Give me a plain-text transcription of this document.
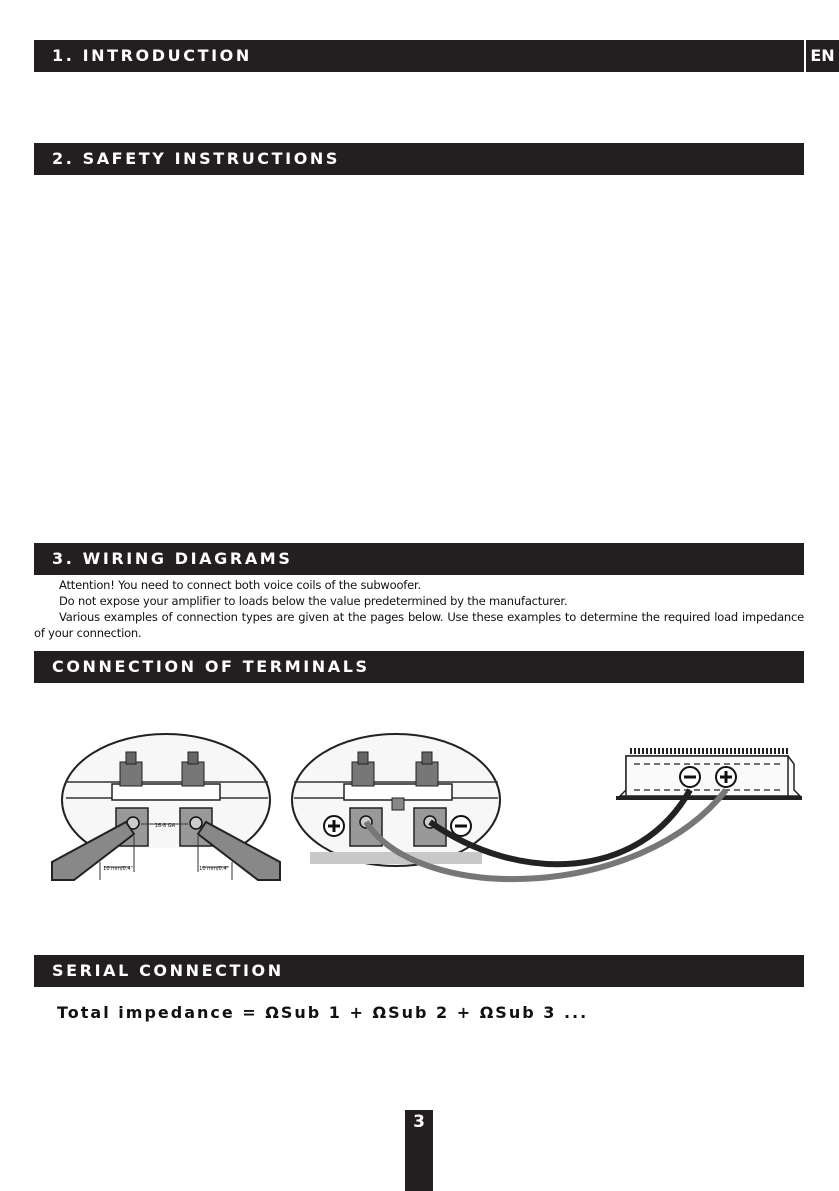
1. INTRODUCTION	EN
2. SAFETY INSTRUCTIONS
3. WIRING DIAGRAMS

Attention! You need to connect both voice coils of the subwoofer.

Do not expose your amplifier to loads below the value predetermined by the manufacturer.

Various examples of connection types are given at the pages below. Use these examples to determine the required load impedance of your connection.

CONNECTION OF TERMINALS
16-8 GA
10 mm/0.4"	10 mm/0.4"
SERIAL CONNECTION
Total impedance = ΩSub 1 + ΩSub 2 + ΩSub 3 ...
3
